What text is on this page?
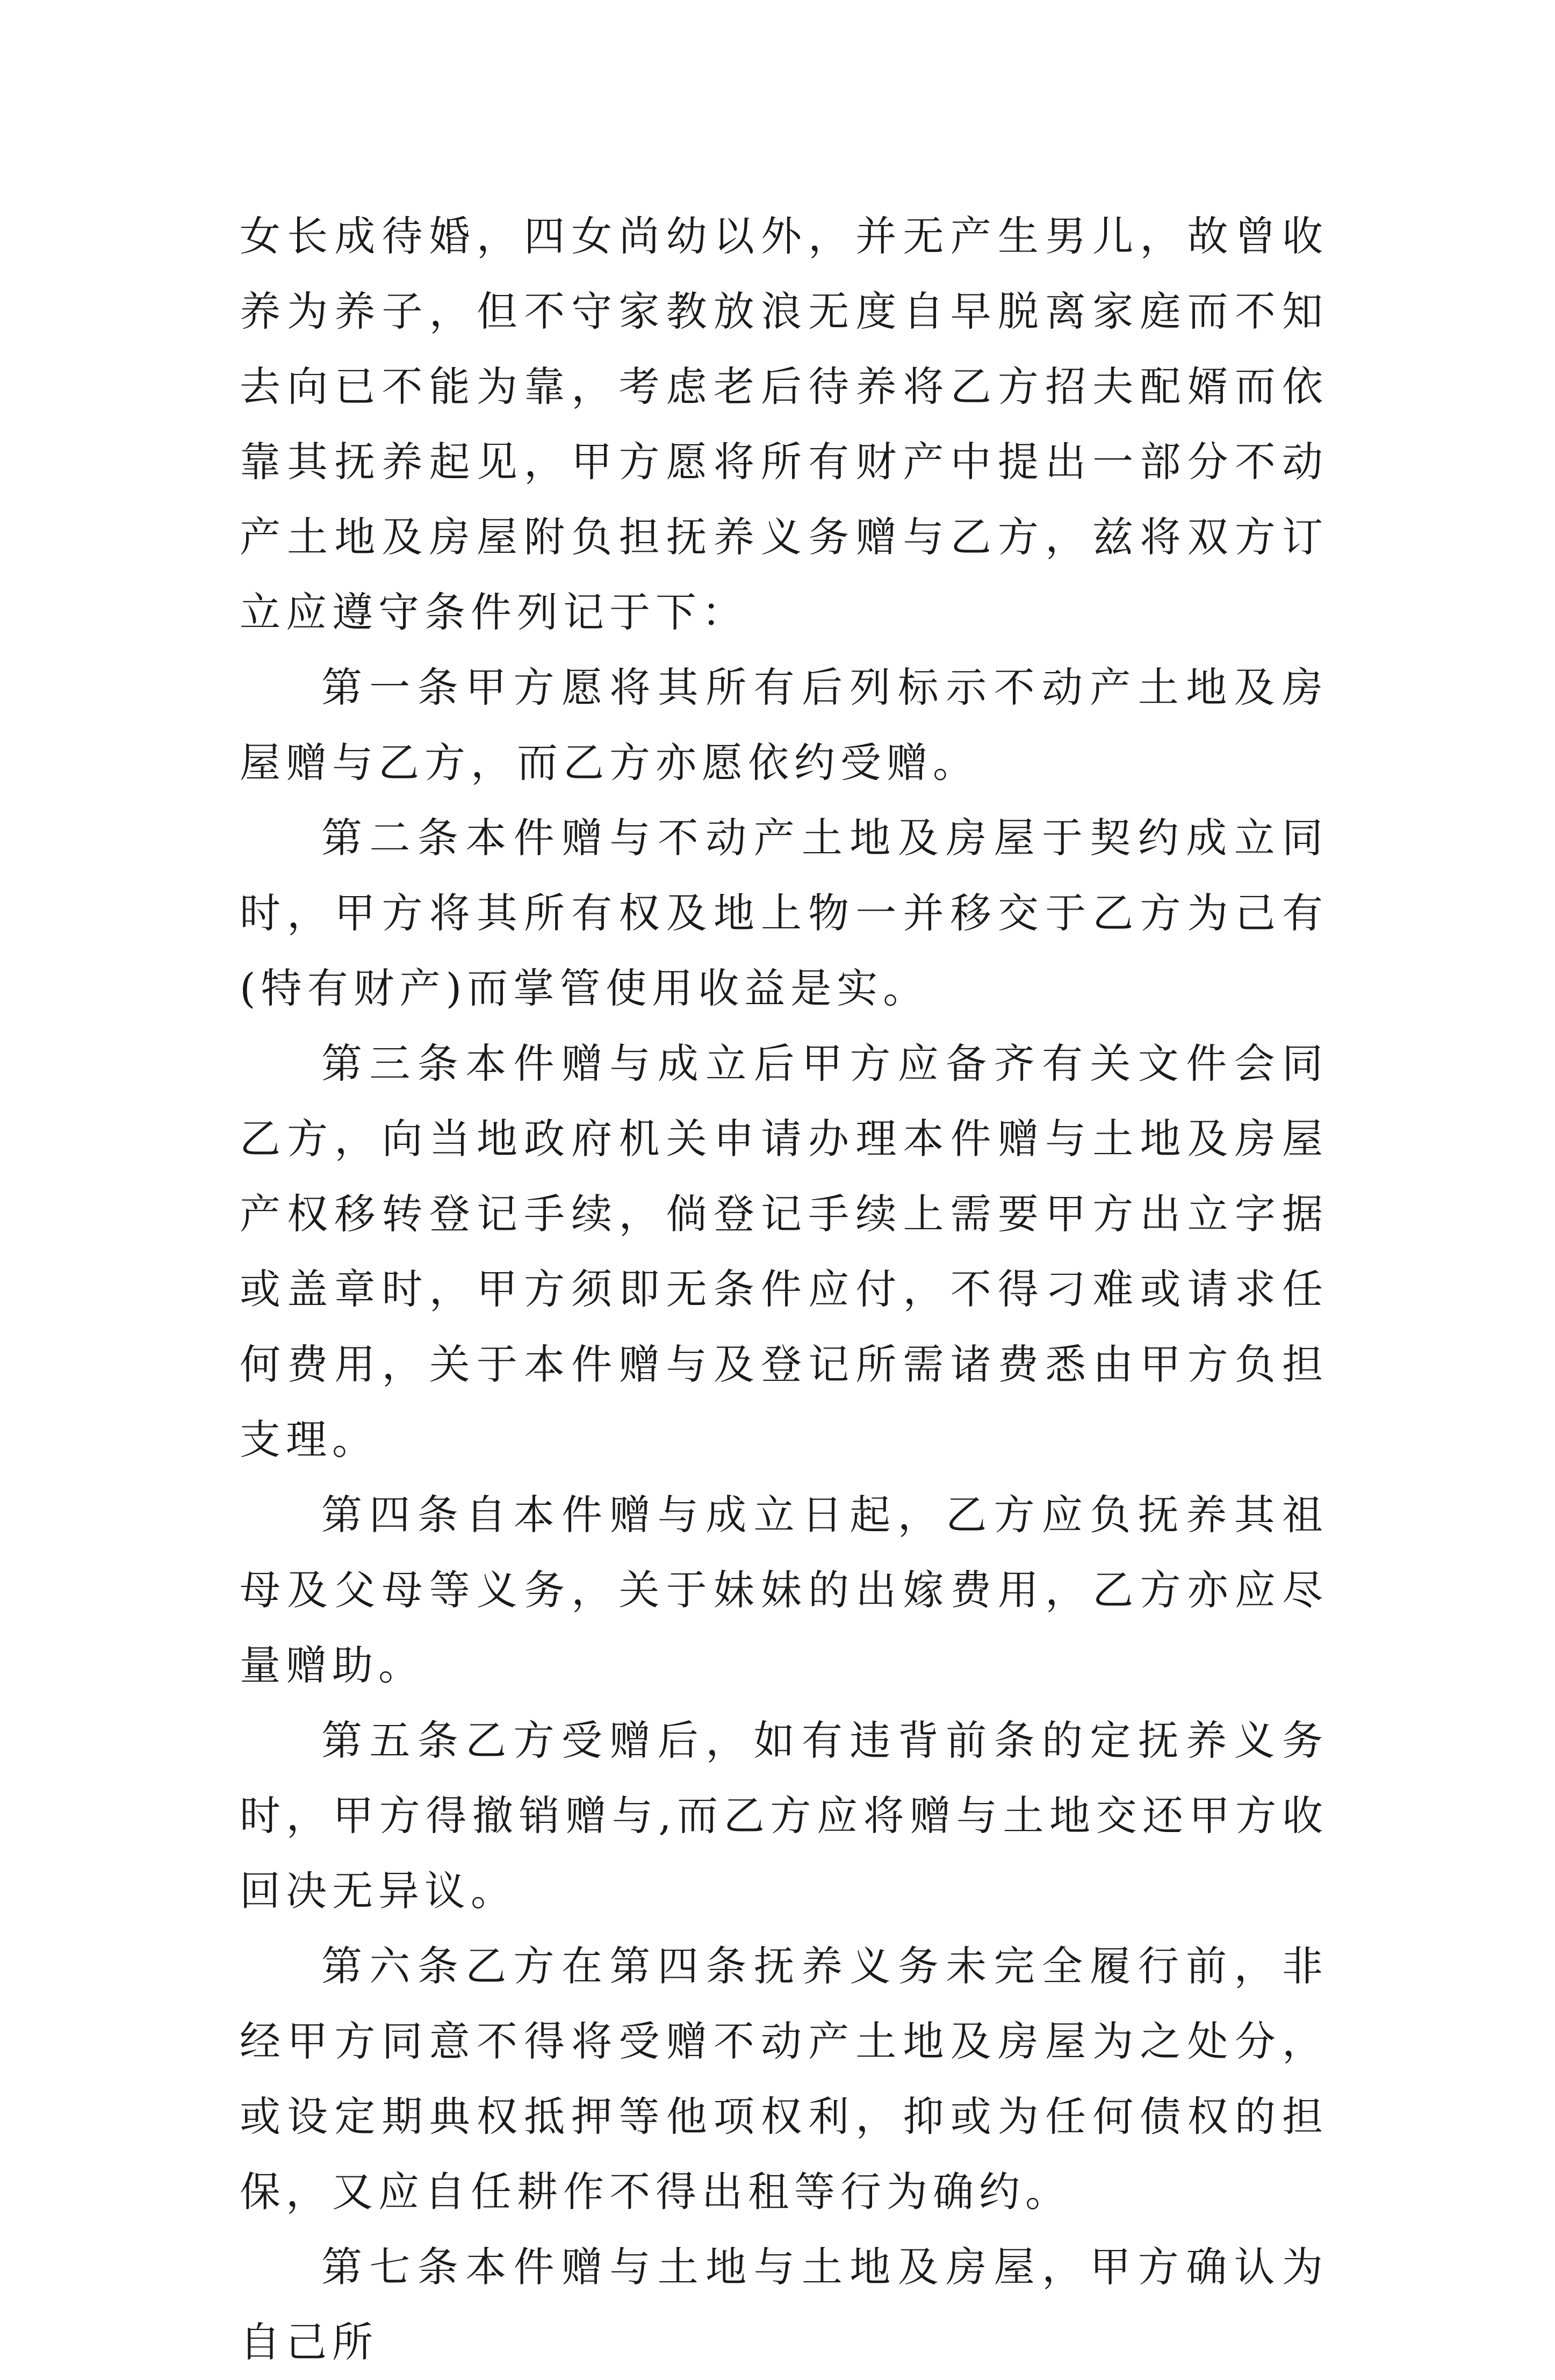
女长成待婚，四女尚幼以外，并无产生男儿，故曾收养为养子，但不守家教放浪无度自早脱离家庭而不知去向已不能为靠，考虑老后待养将乙方招夫配婿而依靠其抚养起见，甲方愿将所有财产中提出一部分不动产土地及房屋附负担抚养义务赠与乙方，兹将双方订立应遵守条件列记于下：

第一条甲方愿将其所有后列标示不动产土地及房屋赠与乙方，而乙方亦愿依约受赠。

第二条本件赠与不动产土地及房屋于契约成立同时，甲方将其所有权及地上物一并移交于乙方为己有(特有财产)而掌管使用收益是实。

第三条本件赠与成立后甲方应备齐有关文件会同乙方，向当地政府机关申请办理本件赠与土地及房屋产权移转登记手续，倘登记手续上需要甲方出立字据或盖章时，甲方须即无条件应付，不得刁难或请求任何费用，关于本件赠与及登记所需诸费悉由甲方负担支理。

第四条自本件赠与成立日起，乙方应负抚养其祖母及父母等义务，关于妹妹的出嫁费用，乙方亦应尽量赠助。

第五条乙方受赠后，如有违背前条的定抚养义务时，甲方得撤销赠与,而乙方应将赠与土地交还甲方收回决无异议。

第六条乙方在第四条抚养义务未完全履行前，非经甲方同意不得将受赠不动产土地及房屋为之处分，或设定期典权抵押等他项权利，抑或为任何债权的担保，又应自任耕作不得出租等行为确约。

第七条本件赠与土地与土地及房屋，甲方确认为自己所
